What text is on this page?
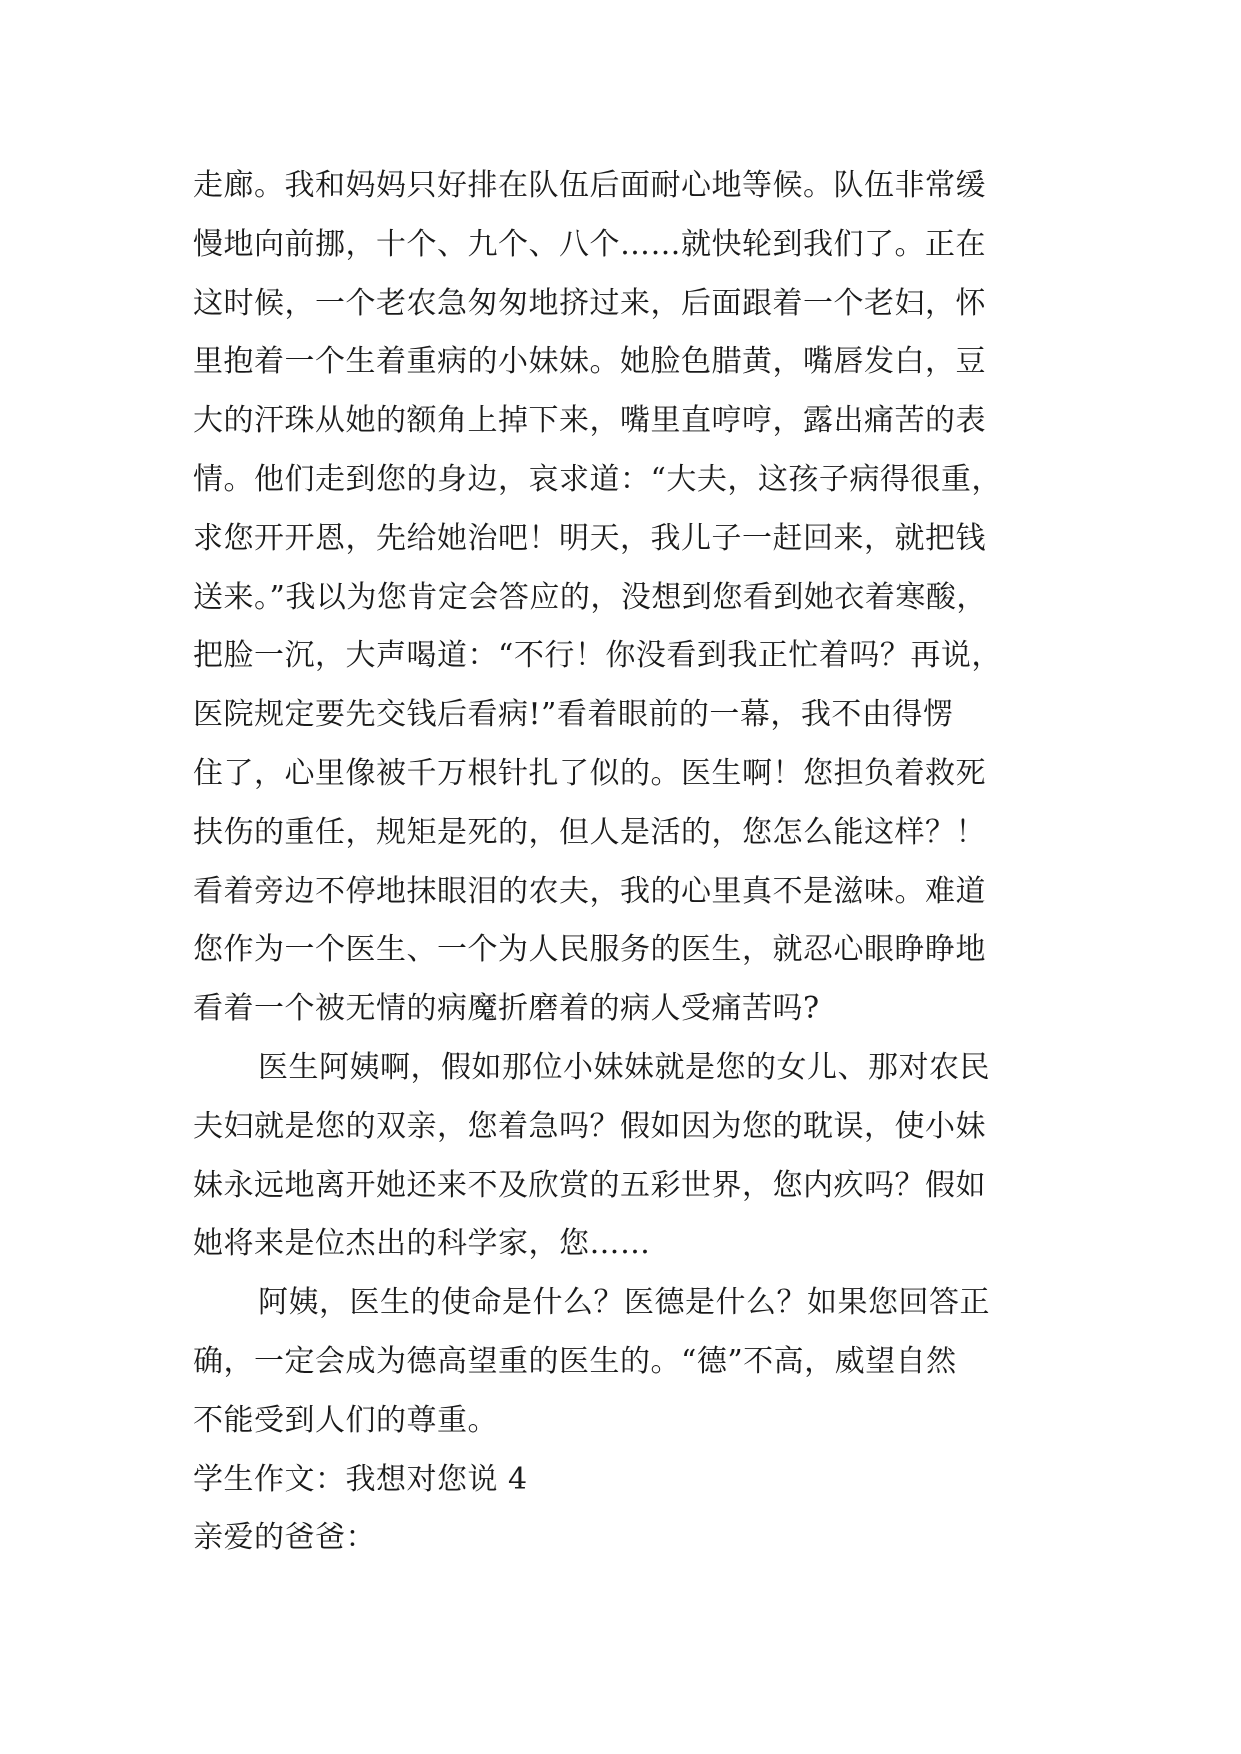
走廊。我和妈妈只好排在队伍后面耐心地等候。队伍非常缓
慢地向前挪，十个、九个、八个……就快轮到我们了。正在
这时候，一个老农急匆匆地挤过来，后面跟着一个老妇，怀
里抱着一个生着重病的小妹妹。她脸色腊黄，嘴唇发白，豆
大的汗珠从她的额角上掉下来，嘴里直哼哼，露出痛苦的表
情。他们走到您的身边，哀求道：“大夫，这孩子病得很重，
求您开开恩，先给她治吧！明天，我儿子一赶回来，就把钱
送来。”我以为您肯定会答应的，没想到您看到她衣着寒酸，
把脸一沉，大声喝道：“不行！你没看到我正忙着吗？再说，
医院规定要先交钱后看病!”看着眼前的一幕，我不由得愣
住了，心里像被千万根针扎了似的。医生啊！您担负着救死
扶伤的重任，规矩是死的，但人是活的，您怎么能这样？！
看着旁边不停地抹眼泪的农夫，我的心里真不是滋味。难道
您作为一个医生、一个为人民服务的医生，就忍心眼睁睁地
看着一个被无情的病魔折磨着的病人受痛苦吗?
医生阿姨啊，假如那位小妹妹就是您的女儿、那对农民
夫妇就是您的双亲，您着急吗？假如因为您的耽误，使小妹
妹永远地离开她还来不及欣赏的五彩世界，您内疚吗？假如
她将来是位杰出的科学家，您……
阿姨，医生的使命是什么？医德是什么？如果您回答正
确，一定会成为德高望重的医生的。“德”不高，威望自然
不能受到人们的尊重。
学生作文：我想对您说 4
亲爱的爸爸：
